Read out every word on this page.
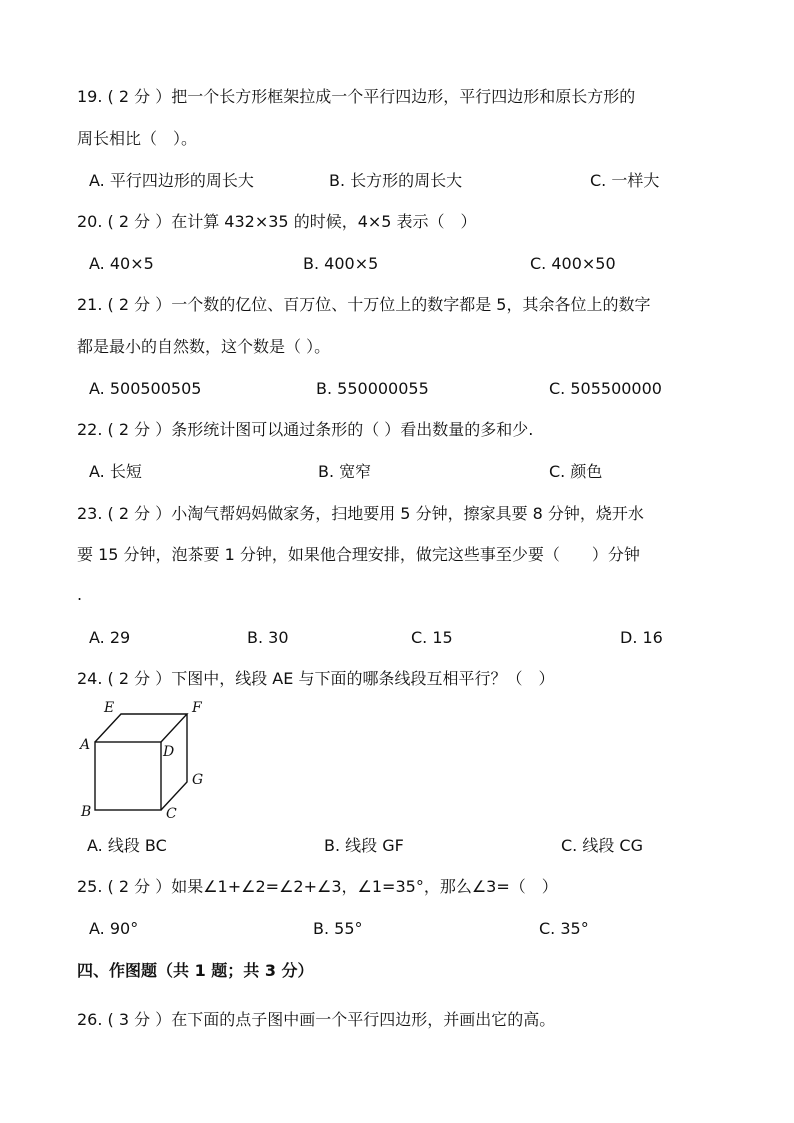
19. ( 2 分 ）把一个长方形框架拉成一个平行四边形，平行四边形和原长方形的
周长相比（　）。
A. 平行四边形的周长大	B. 长方形的周长大	C. 一样大
20. ( 2 分 ）在计算 432×35 的时候，4×5 表示（　）
A. 40×5	B. 400×5	C. 400×50
21. ( 2 分 ）一个数的亿位、百万位、十万位上的数字都是 5，其余各位上的数字
都是最小的自然数，这个数是（ ）。
A. 500500505	B. 550000055	C. 505500000
22. ( 2 分 ）条形统计图可以通过条形的（ ）看出数量的多和少.
A. 长短	B. 宽窄	C. 颜色
23. ( 2 分 ）小淘气帮妈妈做家务，扫地要用 5 分钟，擦家具要 8 分钟，烧开水
要 15 分钟，泡茶要 1 分钟，如果他合理安排，做完这些事至少要（　　）分钟
.
A. 29	B. 30	C. 15	D. 16
24. ( 2 分 ）下图中，线段 AE 与下面的哪条线段互相平行？（　）
E	F
A	D
G
B	C
A. 线段 BC	B. 线段 GF	C. 线段 CG
25. ( 2 分 ）如果∠1+∠2=∠2+∠3，∠1=35°，那么∠3=（　）
A. 90°	B. 55°	C. 35°
四、作图题（共 1 题；共 3 分）
26. ( 3 分 ）在下面的点子图中画一个平行四边形，并画出它的高。
